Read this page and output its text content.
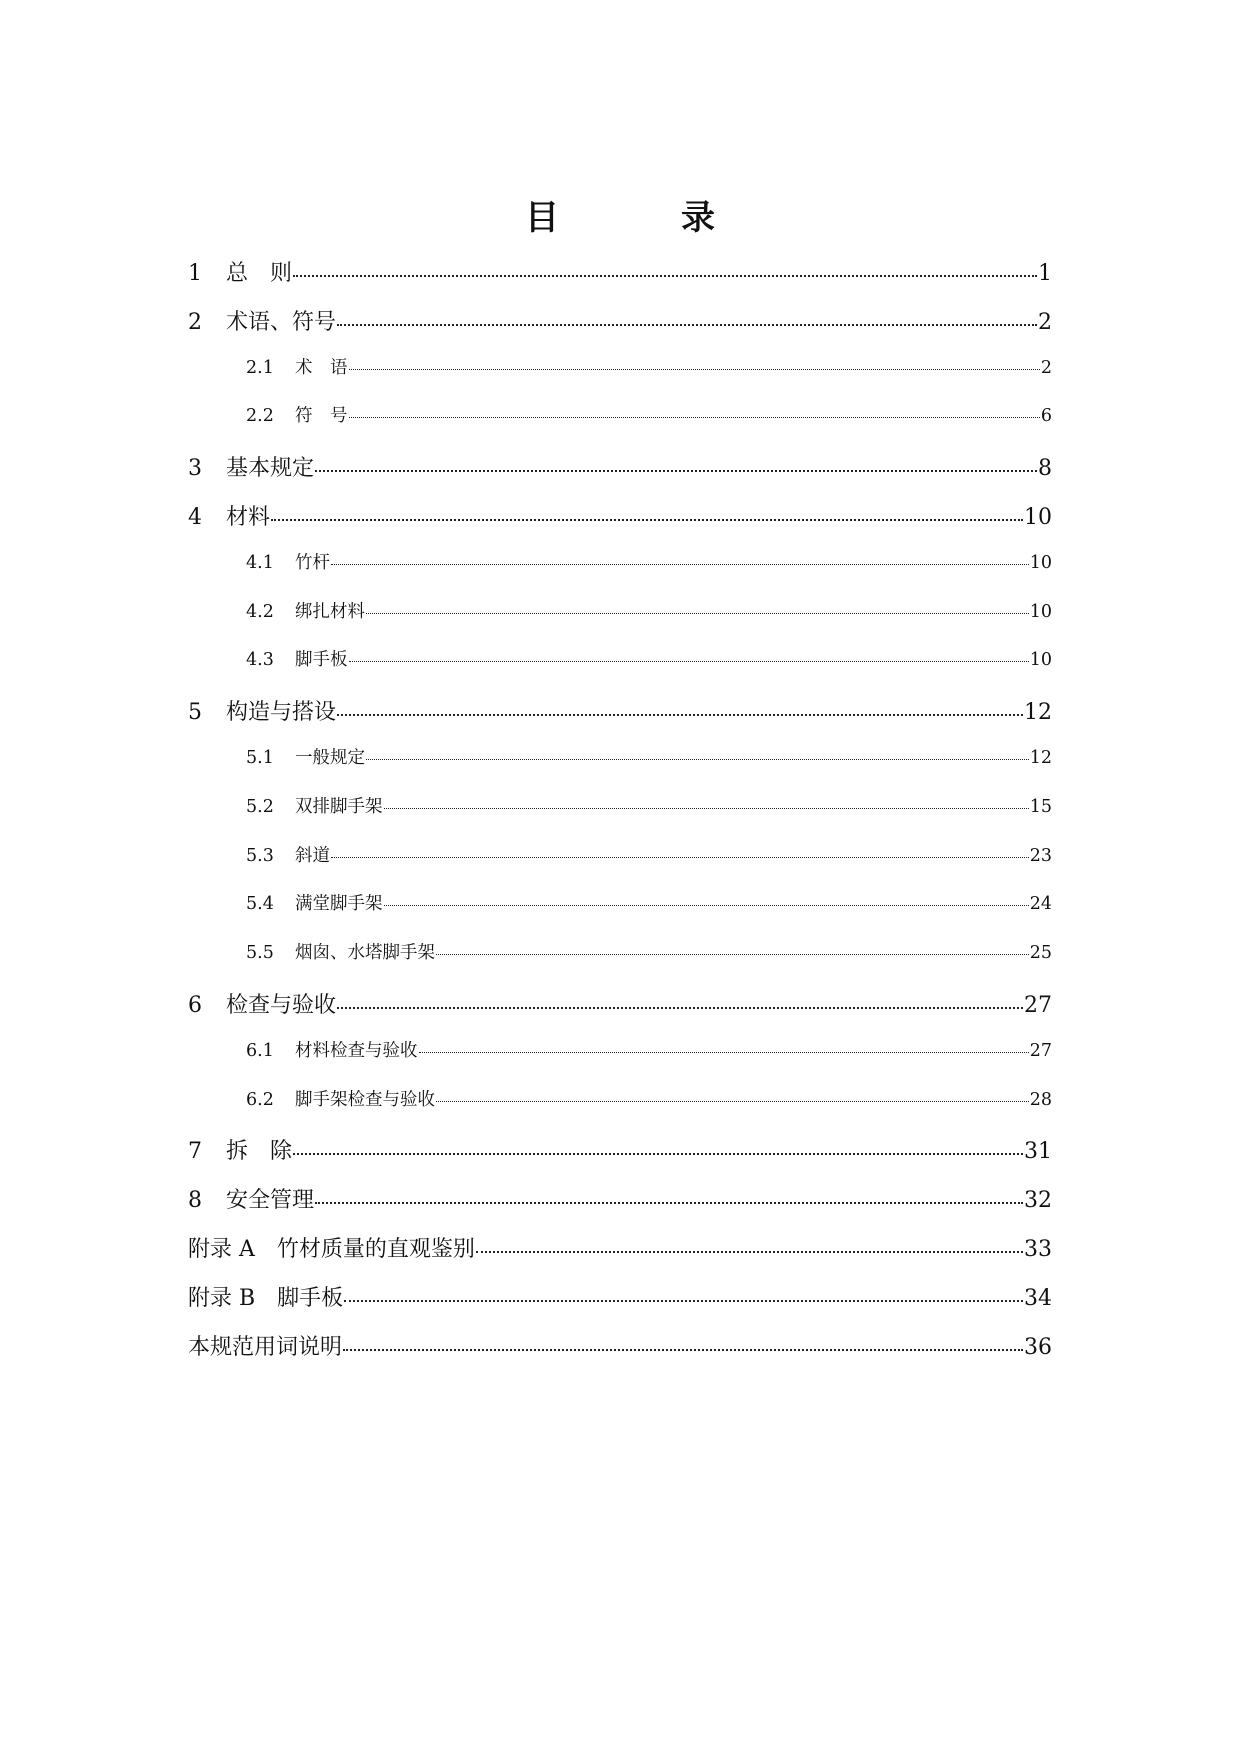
目　录
1	总　则	1
2	术语、符号	2
2.1	术　语	2
2.2	符　号	6
3	基本规定	8
4	材料	10
4.1	竹杆	10
4.2	绑扎材料	10
4.3	脚手板	10
5	构造与搭设	12
5.1	一般规定	12
5.2	双排脚手架	15
5.3	斜道	23
5.4	满堂脚手架	24
5.5	烟囱、水塔脚手架	25
6	检查与验收	27
6.1	材料检查与验收	27
6.2	脚手架检查与验收	28
7	拆　除	31
8	安全管理	32
附录 A　竹材质量的直观鉴别	33
附录 B　脚手板	34
本规范用词说明	36
